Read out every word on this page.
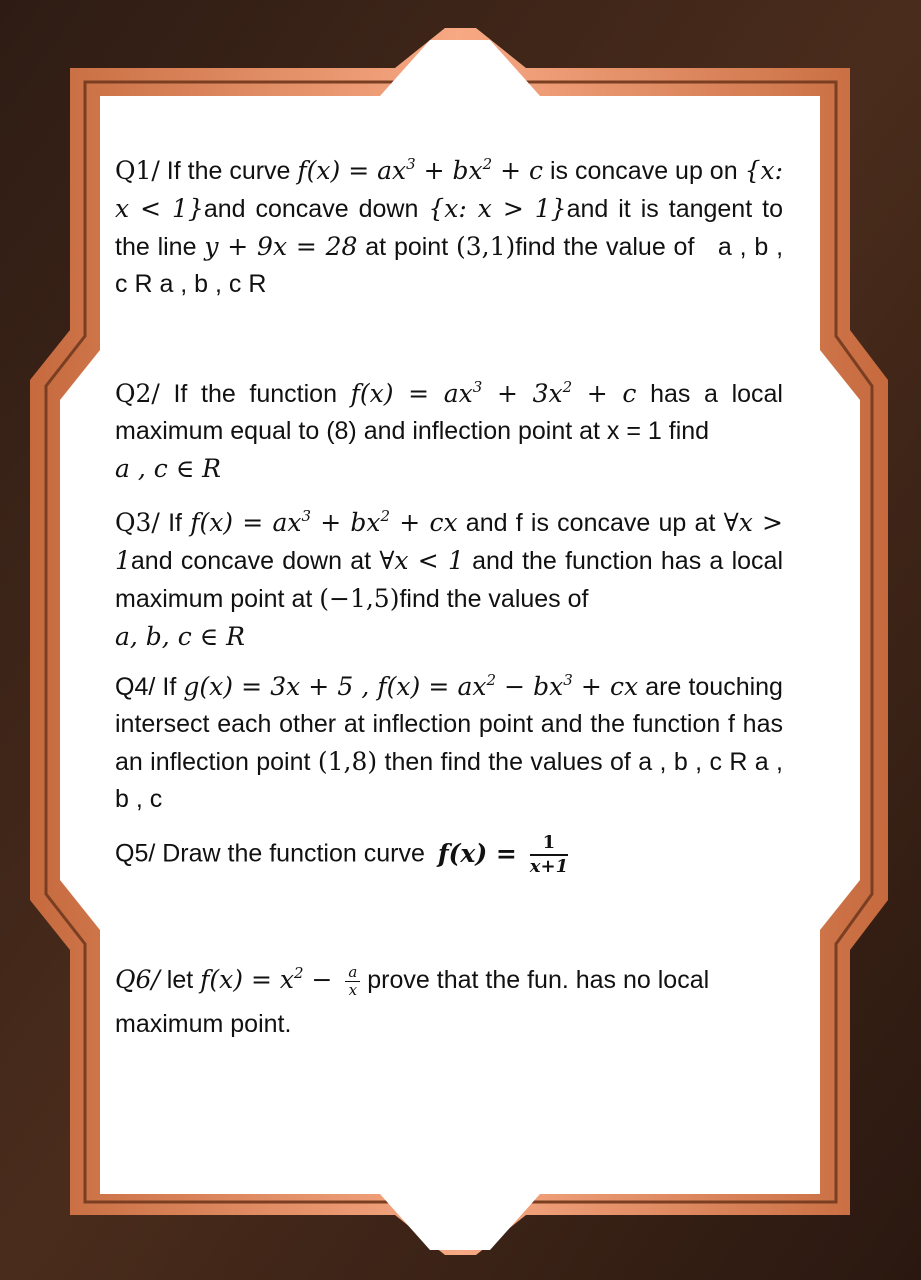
Q1/ If the curve $f(x) = ax^3 + bx^2 + c$ is concave up on {x: x < 1}and concave down {x: x > 1}and it is tangent to the line y + 9x = 28 at point (3,1)find the value of a , b , c R a , b , c R
Q2/ If the function $f(x) = ax^3 + 3x^2 + c$ has a local maximum equal to (8) and inflection point at x = 1 find
a , c ∈ R
Q3/ If $f(x) = ax^3 + bx^2$ + cx and f is concave up at ∀x > 1and concave down at ∀x < 1 and the function has a local maximum point at (−1,5)find the values of
a, b, c ∈ R
Q4/ If g(x) = 3x + 5 , $f(x) = ax^2 - bx^3$ + cx are touching intersect each other at inflection point and the function f has an inflection point (1,8) then find the values of a , b , c R a , b , c
Q5/ Draw the function curve $f(x) = \frac{1}{x+1}$
Q6/ let $f(x) = x^2 - \frac{a}{x}$ prove that the fun. has no local maximum point.
